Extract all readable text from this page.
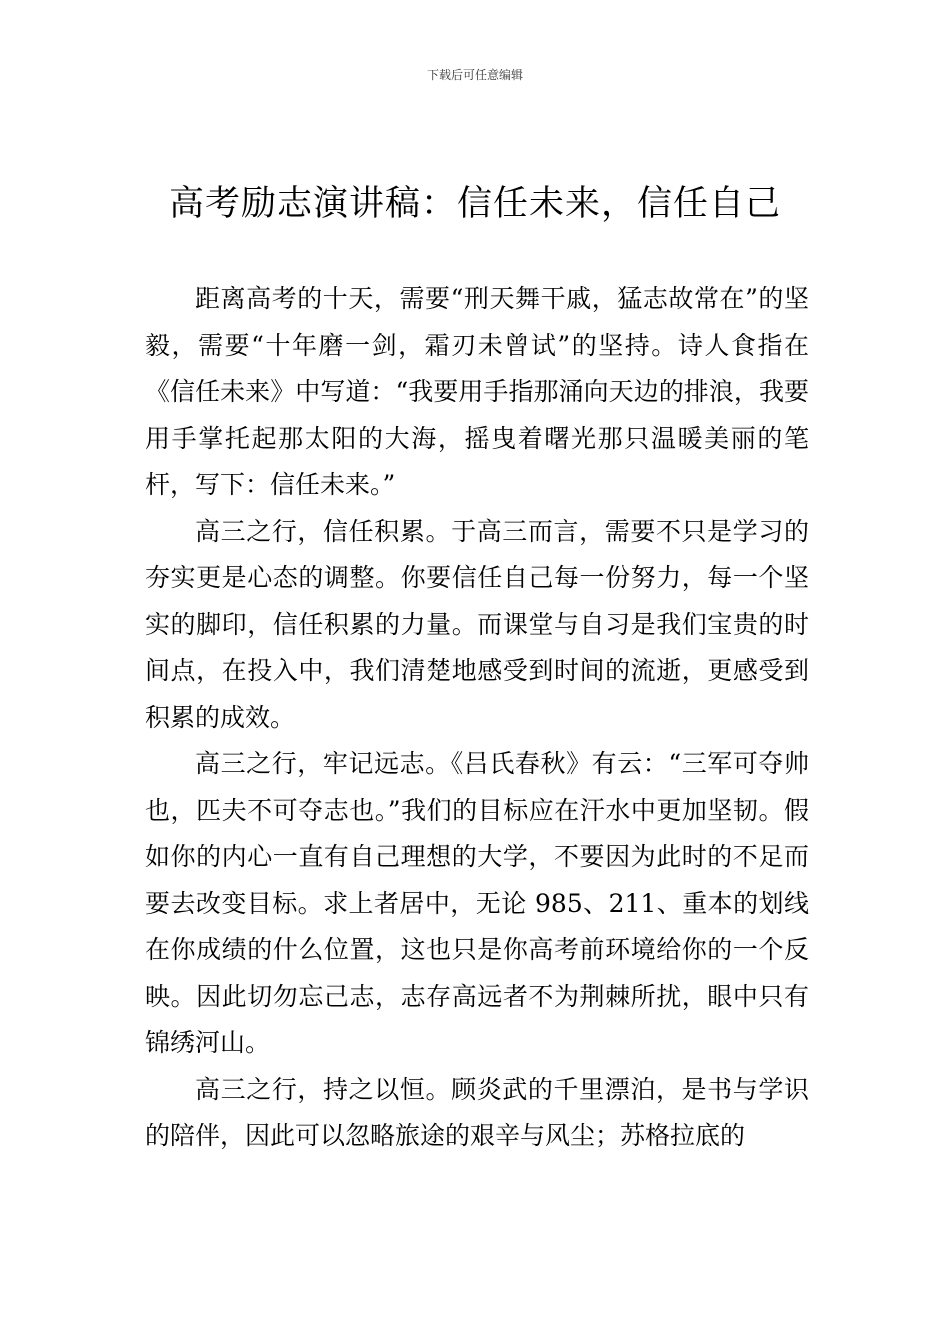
下载后可任意编辑
高考励志演讲稿：信任未来，信任自己

距离高考的十天，需要“刑天舞干戚，猛志故常在”的坚毅，需要“十年磨一剑，霜刃未曾试”的坚持。诗人食指在《信任未来》中写道：“我要用手指那涌向天边的排浪，我要用手掌托起那太阳的大海，摇曳着曙光那只温暖美丽的笔杆，写下：信任未来。”

高三之行，信任积累。于高三而言，需要不只是学习的夯实更是心态的调整。你要信任自己每一份努力，每一个坚实的脚印，信任积累的力量。而课堂与自习是我们宝贵的时间点，在投入中，我们清楚地感受到时间的流逝，更感受到积累的成效。

高三之行，牢记远志。《吕氏春秋》有云：“三军可夺帅也，匹夫不可夺志也。”我们的目标应在汗水中更加坚韧。假如你的内心一直有自己理想的大学，不要因为此时的不足而要去改变目标。求上者居中，无论 985、211、重本的划线在你成绩的什么位置，这也只是你高考前环境给你的一个反映。因此切勿忘己志，志存高远者不为荆棘所扰，眼中只有锦绣河山。

高三之行，持之以恒。顾炎武的千里漂泊，是书与学识的陪伴，因此可以忽略旅途的艰辛与风尘；苏格拉底的
